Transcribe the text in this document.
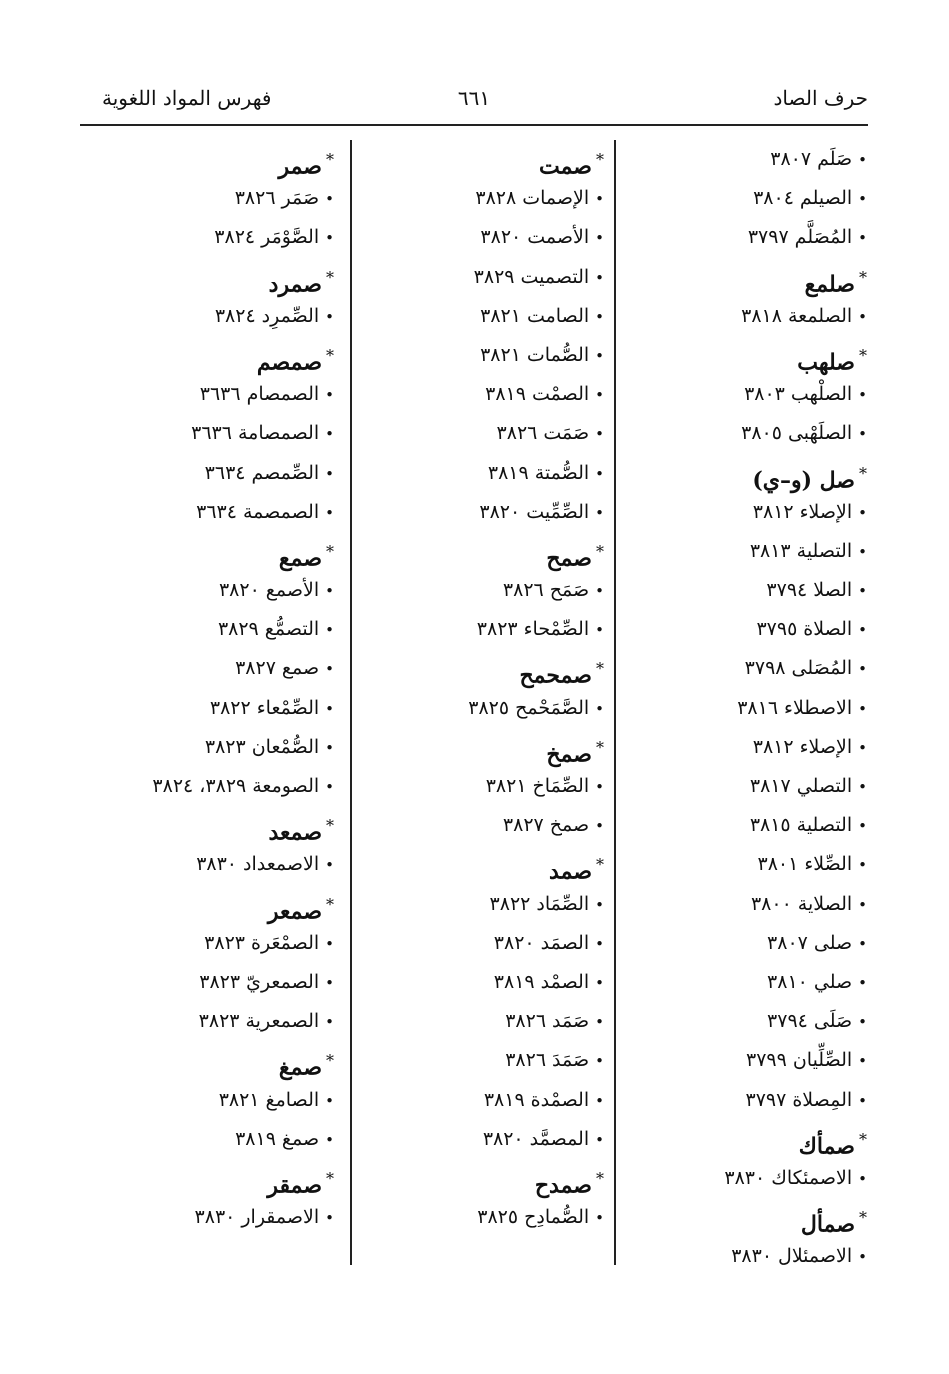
حرف الصاد
٦٦١
فهرس المواد اللغوية
•صَلَم٣٨٠٧
•الصيلم٣٨٠٤
•المُصَلَّم٣٧٩٧
*صلمع
•الصلمعة٣٨١٨
*صلهب
•الصلْهب٣٨٠٣
•الصلَهْبى٣٨٠٥
*صل (و–ي)
•الإصلاء٣٨١٢
•التصلية٣٨١٣
•الصلا٣٧٩٤
•الصلاة٣٧٩٥
•المُصَلى٣٧٩٨
•الاصطلاء٣٨١٦
•الإصلاء٣٨١٢
•التصلي٣٨١٧
•التصلية٣٨١٥
•الصِّلاء٣٨٠١
•الصلاية٣٨٠٠
•صلى٣٨٠٧
•صلي٣٨١٠
•صَلَى٣٧٩٤
•الصِّلِّيان٣٧٩٩
•المِصلاة٣٧٩٧
*صمأك
•الاصمئكاك٣٨٣٠
*صمأل
•الاصمئلال٣٨٣٠
*صمت
•الإصمات٣٨٢٨
•الأصمت٣٨٢٠
•التصميت٣٨٢٩
•الصامت٣٨٢١
•الصُّمات٣٨٢١
•الصمْت٣٨١٩
•صَمَت٣٨٢٦
•الصُّمتة٣٨١٩
•الصِّمِّيت٣٨٢٠
*صمح
•صَمَح٣٨٢٦
•الصِّمْحاء٣٨٢٣
*صمحمح
•الصَّمَحْمح٣٨٢٥
*صمخ
•الصِّمَاخ٣٨٢١
•صمخ٣٨٢٧
*صمد
•الصِّمَاد٣٨٢٢
•الصمَد٣٨٢٠
•الصمْد٣٨١٩
•صَمَد٣٨٢٦
•صَمَدَ٣٨٢٦
•الصمْدة٣٨١٩
•المصمَّد٣٨٢٠
*صمدح
•الصُّمادِح٣٨٢٥
*صمر
•صَمَر٣٨٢٦
•الصَّوْمَر٣٨٢٤
*صمرد
•الصِّمرِد٣٨٢٤
*صمصم
•الصمصام٣٦٣٦
•الصمصامة٣٦٣٦
•الصِّمصم٣٦٣٤
•الصمصمة٣٦٣٤
*صمع
•الأصمع٣٨٢٠
•التصمُّع٣٨٢٩
•صمع٣٨٢٧
•الصِّمْعاء٣٨٢٢
•الصُّمْعان٣٨٢٣
•الصومعة٣٨٢٩، ٣٨٢٤
*صمعد
•الاصمعداد٣٨٣٠
*صمعر
•الصمْعَرة٣٨٢٣
•الصمعريّ٣٨٢٣
•الصمعرية٣٨٢٣
*صمغ
•الصامغ٣٨٢١
•صمغ٣٨١٩
*صمقر
•الاصمقرار٣٨٣٠
